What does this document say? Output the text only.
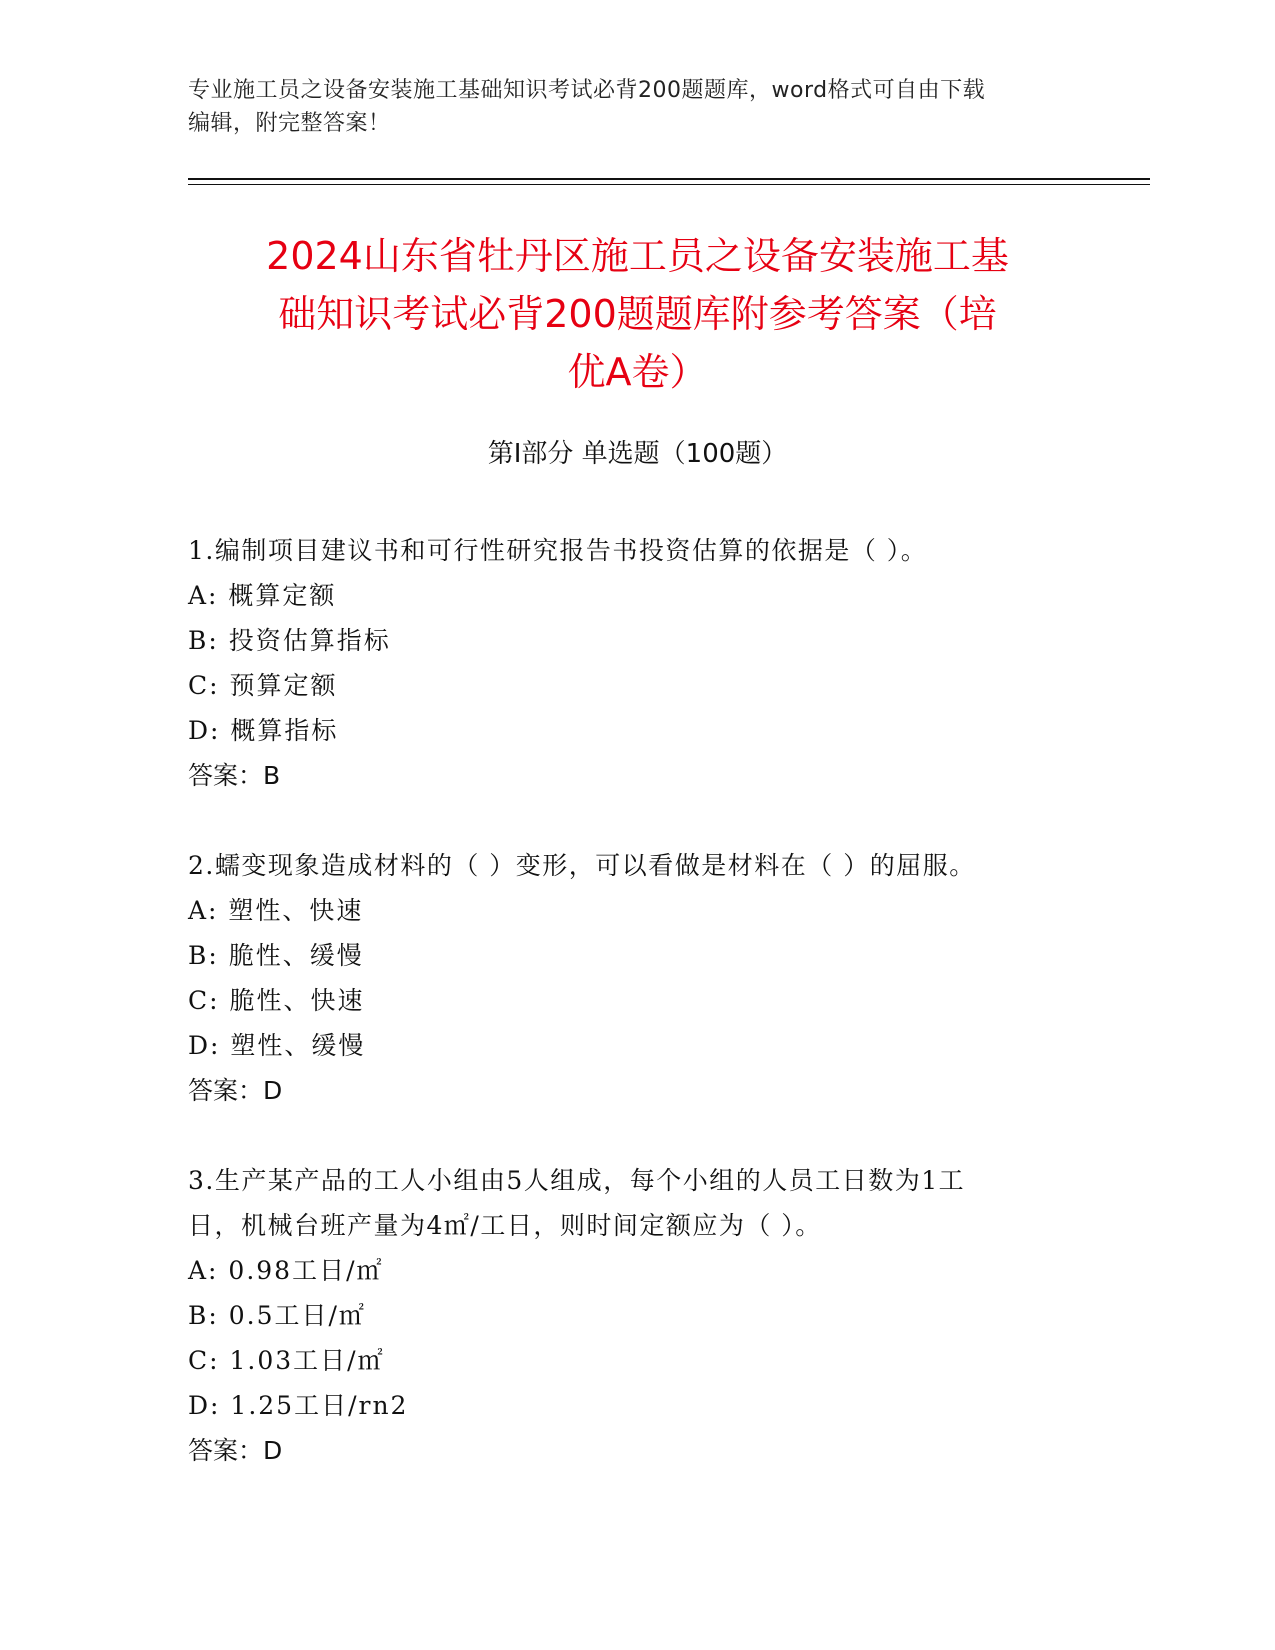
专业施工员之设备安装施工基础知识考试必背200题题库，word格式可自由下载
编辑，附完整答案！
2024山东省牡丹区施工员之设备安装施工基
础知识考试必背200题题库附参考答案（培
优A卷）
第Ⅰ部分 单选题（100题）
1.编制项目建议书和可行性研究报告书投资估算的依据是（ ）。
A: 概算定额
B: 投资估算指标
C: 预算定额
D: 概算指标
答案：B
2.蠕变现象造成材料的（ ）变形，可以看做是材料在（ ）的屈服。
A: 塑性、快速
B: 脆性、缓慢
C: 脆性、快速
D: 塑性、缓慢
答案：D
3.生产某产品的工人小组由5人组成，每个小组的人员工日数为1工
日，机械台班产量为4㎡/工日，则时间定额应为（ ）。
A: 0.98工日/㎡
B: 0.5工日/㎡
C: 1.03工日/㎡
D: 1.25工日/rn2
答案：D
